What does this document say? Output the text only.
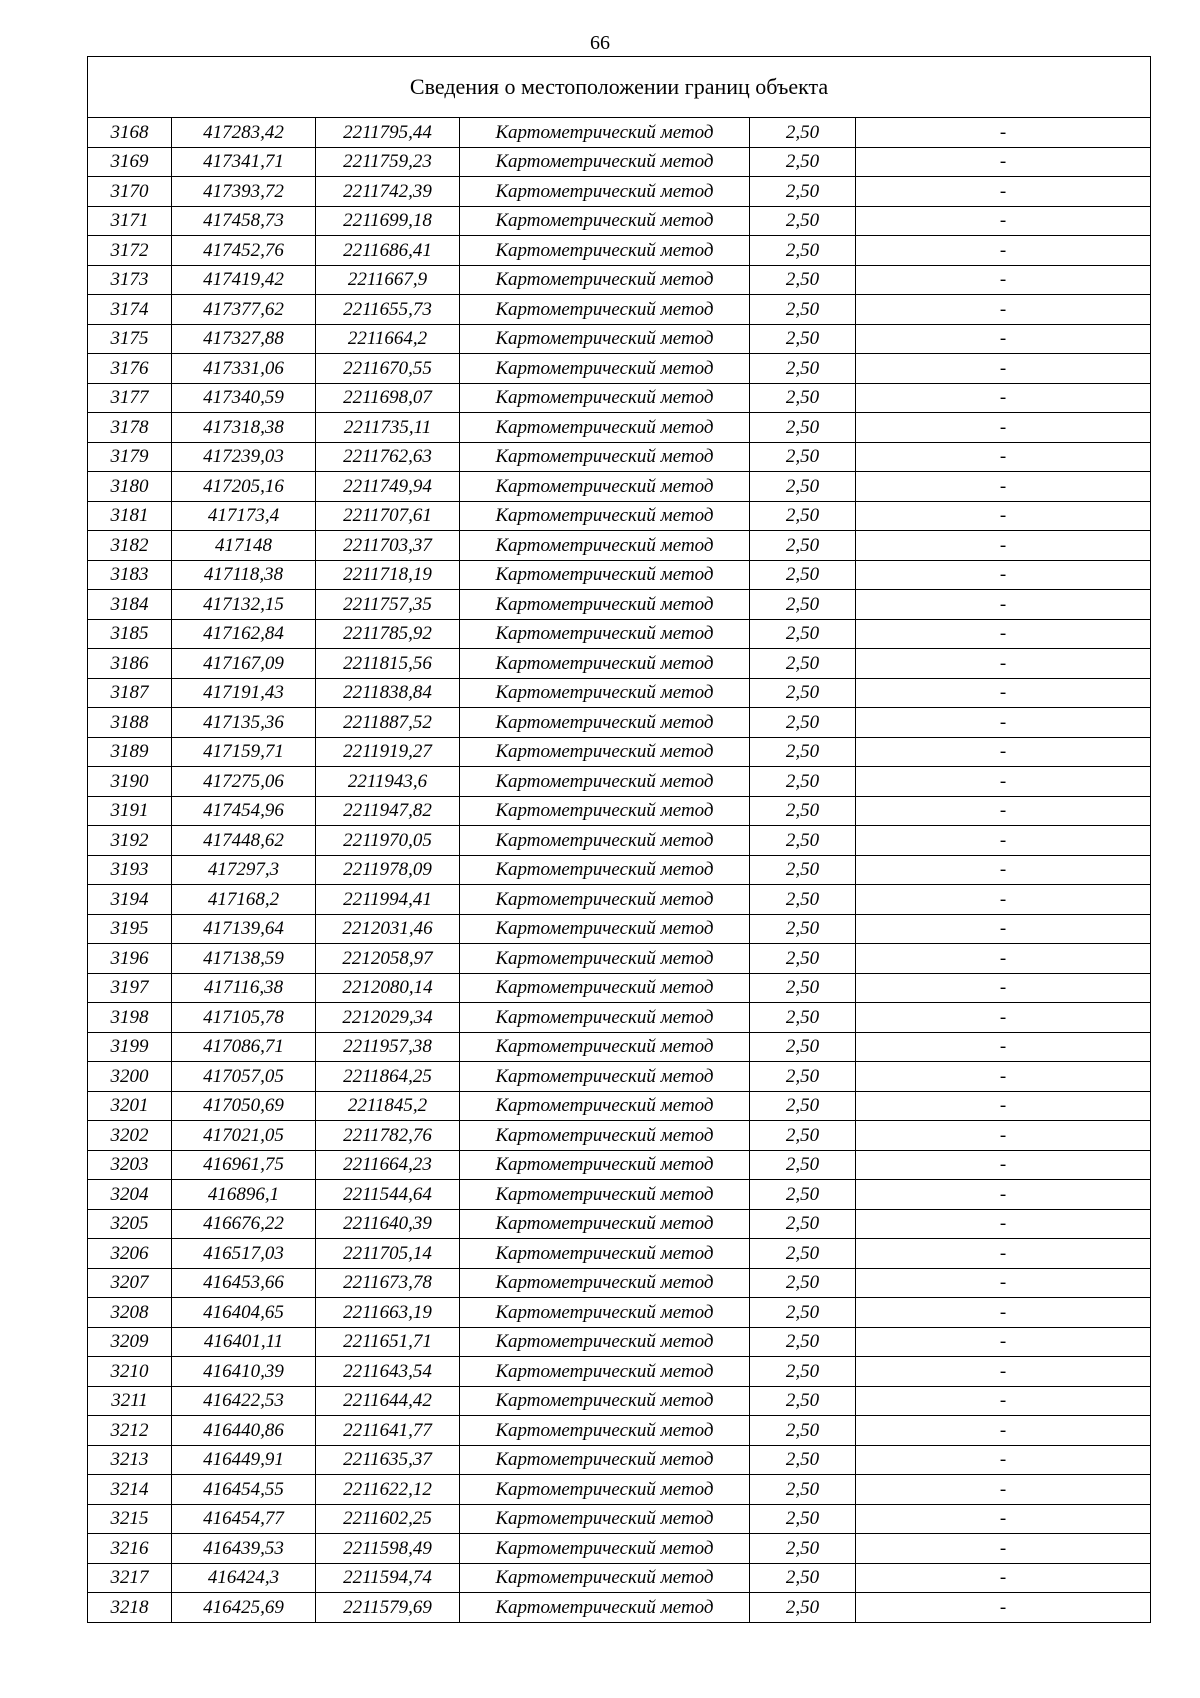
66
Сведения о местоположении границ объекта					
3168	417283,42	2211795,44	Картометрический метод	2,50	-
3169	417341,71	2211759,23	Картометрический метод	2,50	-
3170	417393,72	2211742,39	Картометрический метод	2,50	-
3171	417458,73	2211699,18	Картометрический метод	2,50	-
3172	417452,76	2211686,41	Картометрический метод	2,50	-
3173	417419,42	2211667,9	Картометрический метод	2,50	-
3174	417377,62	2211655,73	Картометрический метод	2,50	-
3175	417327,88	2211664,2	Картометрический метод	2,50	-
3176	417331,06	2211670,55	Картометрический метод	2,50	-
3177	417340,59	2211698,07	Картометрический метод	2,50	-
3178	417318,38	2211735,11	Картометрический метод	2,50	-
3179	417239,03	2211762,63	Картометрический метод	2,50	-
3180	417205,16	2211749,94	Картометрический метод	2,50	-
3181	417173,4	2211707,61	Картометрический метод	2,50	-
3182	417148	2211703,37	Картометрический метод	2,50	-
3183	417118,38	2211718,19	Картометрический метод	2,50	-
3184	417132,15	2211757,35	Картометрический метод	2,50	-
3185	417162,84	2211785,92	Картометрический метод	2,50	-
3186	417167,09	2211815,56	Картометрический метод	2,50	-
3187	417191,43	2211838,84	Картометрический метод	2,50	-
3188	417135,36	2211887,52	Картометрический метод	2,50	-
3189	417159,71	2211919,27	Картометрический метод	2,50	-
3190	417275,06	2211943,6	Картометрический метод	2,50	-
3191	417454,96	2211947,82	Картометрический метод	2,50	-
3192	417448,62	2211970,05	Картометрический метод	2,50	-
3193	417297,3	2211978,09	Картометрический метод	2,50	-
3194	417168,2	2211994,41	Картометрический метод	2,50	-
3195	417139,64	2212031,46	Картометрический метод	2,50	-
3196	417138,59	2212058,97	Картометрический метод	2,50	-
3197	417116,38	2212080,14	Картометрический метод	2,50	-
3198	417105,78	2212029,34	Картометрический метод	2,50	-
3199	417086,71	2211957,38	Картометрический метод	2,50	-
3200	417057,05	2211864,25	Картометрический метод	2,50	-
3201	417050,69	2211845,2	Картометрический метод	2,50	-
3202	417021,05	2211782,76	Картометрический метод	2,50	-
3203	416961,75	2211664,23	Картометрический метод	2,50	-
3204	416896,1	2211544,64	Картометрический метод	2,50	-
3205	416676,22	2211640,39	Картометрический метод	2,50	-
3206	416517,03	2211705,14	Картометрический метод	2,50	-
3207	416453,66	2211673,78	Картометрический метод	2,50	-
3208	416404,65	2211663,19	Картометрический метод	2,50	-
3209	416401,11	2211651,71	Картометрический метод	2,50	-
3210	416410,39	2211643,54	Картометрический метод	2,50	-
3211	416422,53	2211644,42	Картометрический метод	2,50	-
3212	416440,86	2211641,77	Картометрический метод	2,50	-
3213	416449,91	2211635,37	Картометрический метод	2,50	-
3214	416454,55	2211622,12	Картометрический метод	2,50	-
3215	416454,77	2211602,25	Картометрический метод	2,50	-
3216	416439,53	2211598,49	Картометрический метод	2,50	-
3217	416424,3	2211594,74	Картометрический метод	2,50	-
3218	416425,69	2211579,69	Картометрический метод	2,50	-
